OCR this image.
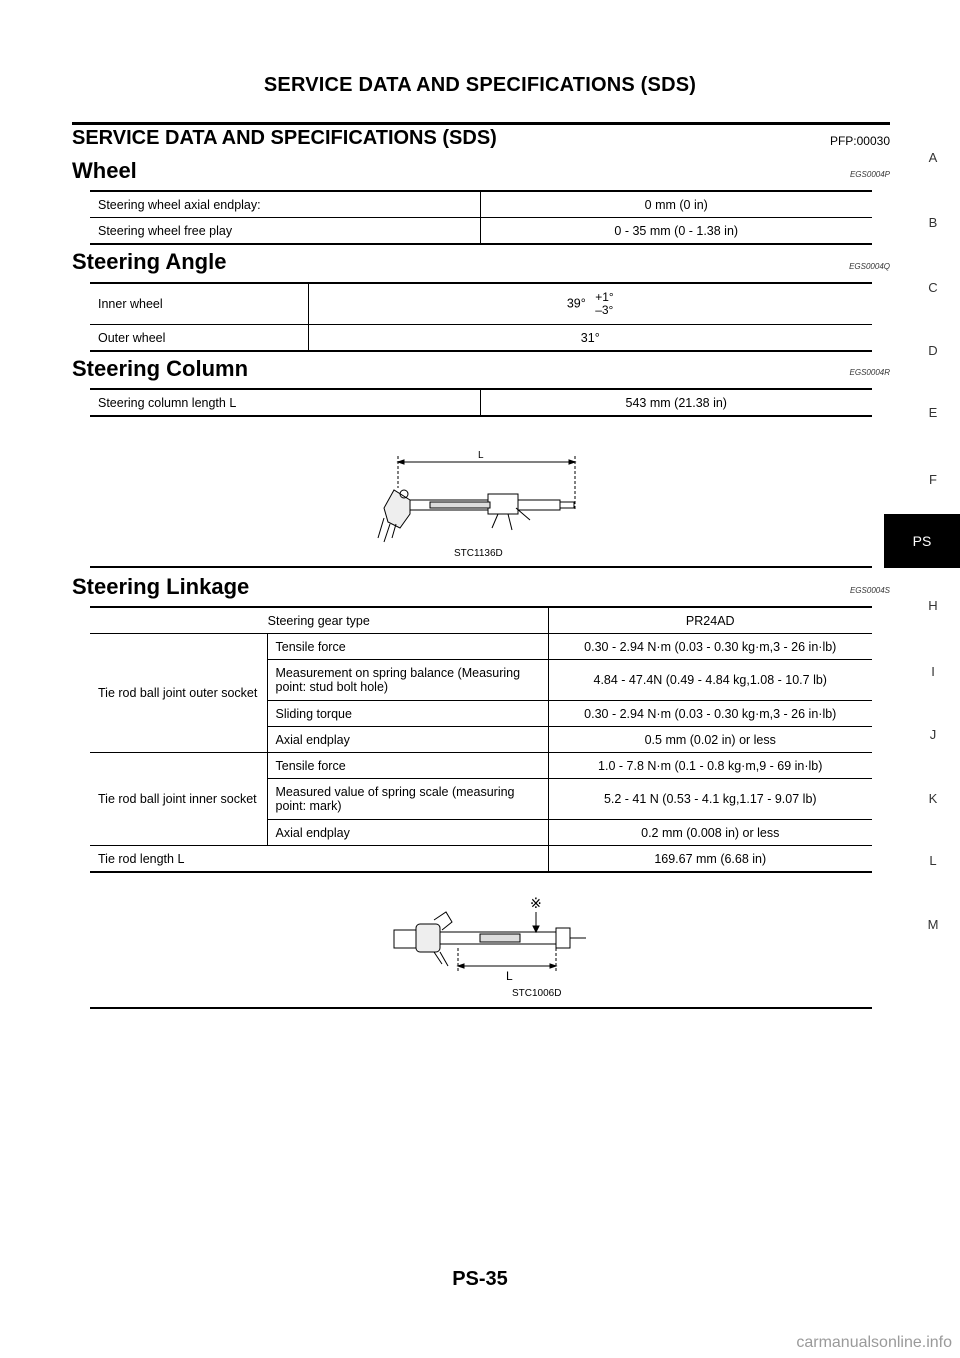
SERVICE DATA AND SPECIFICATIONS (SDS)
SERVICE DATA AND SPECIFICATIONS (SDS)	PFP:00030
Wheel	EGS0004P
Steering wheel axial endplay:	0 mm (0 in)
Steering wheel free play	0 - 35 mm (0 - 1.38 in)
Steering Angle	EGS0004Q
Inner wheel	39° +1°
–3°
Outer wheel	31°
Steering Column	EGS0004R
Steering column length L	543 mm (21.38 in)
L
STC1136D
Steering Linkage	EGS0004S
Steering gear type		PR24AD
Tie rod ball joint outer socket	Tensile force	0.30 - 2.94 N·m (0.03 - 0.30 kg·m,3 - 26 in·lb)
	Measurement on spring balance (Measuring point: stud bolt hole)	4.84 - 47.4N (0.49 - 4.84 kg,1.08 - 10.7 lb)
	Sliding torque	0.30 - 2.94 N·m (0.03 - 0.30 kg·m,3 - 26 in·lb)
	Axial endplay	0.5 mm (0.02 in) or less
Tie rod ball joint inner socket	Tensile force	1.0 - 7.8 N·m (0.1 - 0.8 kg·m,9 - 69 in·lb)
	Measured value of spring scale (measuring point: mark)	5.2 - 41 N (0.53 - 4.1 kg,1.17 - 9.07 lb)
	Axial endplay	0.2 mm (0.008 in) or less
Tie rod length L		169.67 mm (6.68 in)
※
L
STC1006D
A
B
C
D
E
F
PS
H
I
J
K
L
M
PS-35
carmanualsonline.info
